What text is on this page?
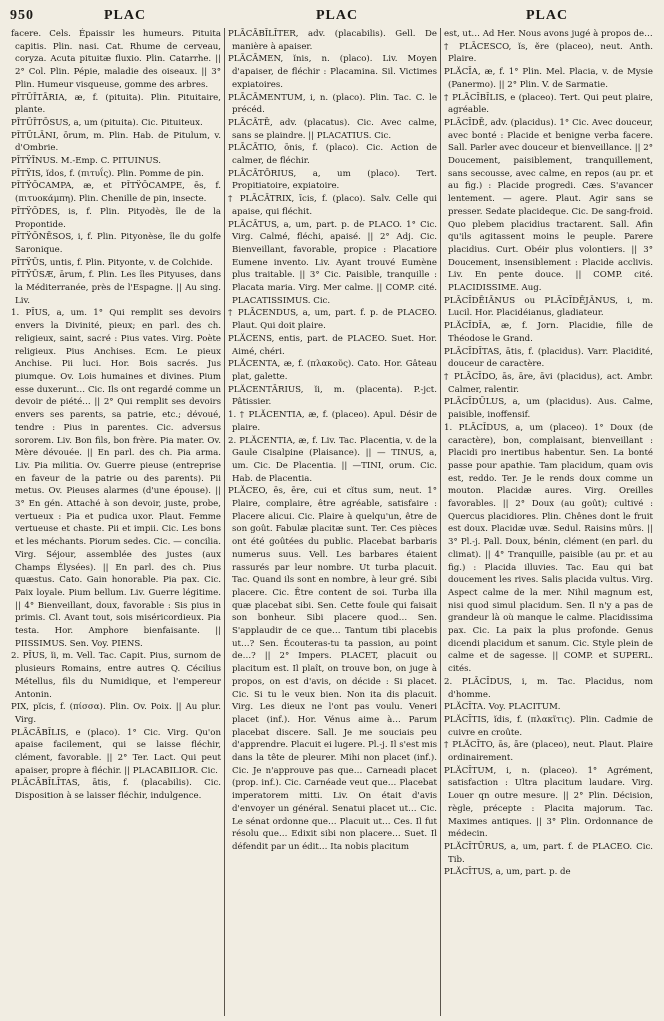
950	PLAC	PLAC	PLAC

facere. Cels. Épaissir les humeurs. Pituita capitis. Plin. nasi. Cat. Rhume de cerveau, coryza. Acuta pituitæ fluxio. Plin. Catarrhe. || 2° Col. Plin. Pépie, maladie des oiseaux. || 3° Plin. Humeur visqueuse, gomme des arbres.

PĪTŬĪTĀRIA, æ, f. (pituita). Plin. Pituitaire, plante.

PĪTŬĪTŌSUS, a, um (pituita). Cic. Pituiteux.

PĬTŬLĀNI, ōrum, m. Plin. Hab. de Pitulum, v. d'Ombrie.

PĬTŸĪNUS. M.-Emp. C. PITUINUS.

PĬTŸIS, ĭdos, f. (πιτυΐς). Plin. Pomme de pin.

PĬTŸŎCAMPA, æ, et PĬTŸŎCAMPE, ēs, f. (πιτυοκάμπη). Plin. Chenille de pin, insecte.

PĬTŸŎDES, is, f. Plin. Pityodès, île de la Propontide.

PĬTŸŎNĒSOS, i, f. Plin. Pityonèse, île du golfe Saronique.

PĬTŸŪS, untis, f. Plin. Pityonte, v. de Colchide.

PĬTŸŪSÆ, ārum, f. Plin. Les îles Pityuses, dans la Méditerranée, près de l'Espagne. || Au sing. Liv.

1. PĬUS, a, um. 1° Qui remplit ses devoirs envers la Divinité, pieux; en parl. des ch. religieux, saint, sacré : Pius vates. Virg. Poète religieux. Pius Anchises. Ecm. Le pieux Anchise. Pii luci. Hor. Bois sacrés. Jus piumque. Ov. Lois humaines et divines. Pium esse duxerunt… Cic. Ils ont regardé comme un devoir de piété… || 2° Qui remplit ses devoirs envers ses parents, sa patrie, etc.; dévoué, tendre : Pius in parentes. Cic. adversus sororem. Liv. Bon fils, bon frère. Pia mater. Ov. Mère dévouée. || En parl. des ch. Pia arma. Liv. Pia militia. Ov. Guerre pieuse (entreprise en faveur de la patrie ou des parents). Pii metus. Ov. Pieuses alarmes (d'une épouse). || 3° En gén. Attaché à son devoir, juste, probe, vertueux : Pia et pudica uxor. Plaut. Femme vertueuse et chaste. Pii et impii. Cic. Les bons et les méchants. Piorum sedes. Cic. — concilia. Virg. Séjour, assemblée des justes (aux Champs Élysées). || En parl. des ch. Pius quæstus. Cato. Gain honorable. Pia pax. Cic. Paix loyale. Pium bellum. Liv. Guerre légitime. || 4° Bienveillant, doux, favorable : Sis pius in primis. Cl. Avant tout, sois miséricordieux. Pia testa. Hor. Amphore bienfaisante. || PIISSIMUS. Sen. Voy. PIENS.

2. PĬUS, ĭi, m. Vell. Tac. Capit. Pius, surnom de plusieurs Romains, entre autres Q. Cécilius Métellus, fils du Numidique, et l'empereur Antonin.

PIX, pĭcis, f. (πίσσα). Plin. Ov. Poix. || Au plur. Virg.

PLĀCĀBĬLIS, e (placo). 1° Cic. Virg. Qu'on apaise facilement, qui se laisse fléchir, clément, favorable. || 2° Ter. Lact. Qui peut apaiser, propre à fléchir. || PLACABILIOR. Cic.

PLĀCĀBĬLĬTAS, ātis, f. (placabilis). Cic. Disposition à se laisser fléchir, indulgence.

PLĀCĀBĬLĬTER, adv. (placabilis). Gell. De manière à apaiser.

PLĀCĀMEN, ĭnis, n. (placo). Liv. Moyen d'apaiser, de fléchir : Placamina. Sil. Victimes expiatoires.

PLĀCĀMENTUM, i, n. (placo). Plin. Tac. C. le précéd.

PLĀCĀTĒ, adv. (placatus). Cic. Avec calme, sans se plaindre. || PLACATIUS. Cic.

PLĀCĀTIO, ōnis, f. (placo). Cic. Action de calmer, de fléchir.

PLĀCĀTŌRIUS, a, um (placo). Tert. Propitiatoire, expiatoire.

† PLĀCĀTRIX, īcis, f. (placo). Salv. Celle qui apaise, qui fléchit.

PLĀCĀTUS, a, um, part. p. de PLACO. 1° Cic. Virg. Calmé, fléchi, apaisé. || 2° Adj. Cic. Bienveillant, favorable, propice : Placatiore Eumene invento. Liv. Ayant trouvé Eumène plus traitable. || 3° Cic. Paisible, tranquille : Placata maria. Virg. Mer calme. || COMP. cité. PLACATISSIMUS. Cic.

† PLĀCENDUS, a, um, part. f. p. de PLACEO. Plaut. Qui doit plaire.

PLĂCENS, entis, part. de PLACEO. Suet. Hor. Aimé, chéri.

PLĂCENTA, æ, f. (πλακοῦς). Cato. Hor. Gâteau plat, galette.

PLĂCENTĀRIUS, ĭi, m. (placenta). P.-jct. Pâtissier.

1. † PLĂCENTIA, æ, f. (placeo). Apul. Désir de plaire.

2. PLĂCENTIA, æ, f. Liv. Tac. Placentia, v. de la Gaule Cisalpine (Plaisance). || — TINUS, a, um. Cic. De Placentia. || —TINI, orum. Cic. Hab. de Placentia.

PLĂCEO, ēs, ēre, cui et cĭtus sum, neut. 1° Plaire, complaire, être agréable, satisfaire : Placere alicui. Cic. Plaire à quelqu'un, être de son goût. Fabulæ placitæ sunt. Ter. Ces pièces ont été goûtées du public. Placebat barbaris numerus suus. Vell. Les barbares étaient rassurés par leur nombre. Ut turba placuit. Tac. Quand ils sont en nombre, à leur gré. Sibi placere. Cic. Être content de soi. Turba illa quæ placebat sibi. Sen. Cette foule qui faisait son bonheur. Sibi placere quod… Sen. S'applaudir de ce que… Tantum tibi placebis ut…? Sen. Écouteras-tu ta passion, au point de…? || 2° Impers. PLACET, placuit ou placitum est. Il plaît, on trouve bon, on juge à propos, on est d'avis, on décide : Si placet. Cic. Si tu le veux bien. Non ita dis placuit. Virg. Les dieux ne l'ont pas voulu. Veneri placet (inf.). Hor. Vénus aime à… Parum placebat discere. Sall. Je me souciais peu d'apprendre. Placuit ei lugere. Pl.-j. Il s'est mis dans la tête de pleurer. Mihi non placet (inf.). Cic. Je n'approuve pas que… Carneadi placet (prop. inf.). Cic. Carnéade veut que… Placebat imperatorem mitti. Liv. On était d'avis d'envoyer un général. Senatui placet ut… Cic. Le sénat ordonne que… Placuit ut… Ces. Il fut résolu que… Edixit sibi non placere… Suet. Il défendit par un édit… Ita nobis placitum

est, ut… Ad Her. Nous avons jugé à propos de…

† PLĀCESCO, ĭs, ĕre (placeo), neut. Anth. Plaire.

PLĂCĬA, æ, f. 1° Plin. Mel. Placia, v. de Mysie (Panermo). || 2° Plin. V. de Sarmatie.

† PLĀCĬBĬLIS, e (placeo). Tert. Qui peut plaire, agréable.

PLĀCĬDĒ, adv. (placidus). 1° Cic. Avec douceur, avec bonté : Placide et benigne verba facere. Sall. Parler avec douceur et bienveillance. || 2° Doucement, paisiblement, tranquillement, sans secousse, avec calme, en repos (au pr. et au fig.) : Placide progredi. Cæs. S'avancer lentement. — agere. Plaut. Agir sans se presser. Sedate placideque. Cic. De sang-froid. Quo plebem placidius tractarent. Sall. Afin qu'ils agitassent moins le peuple. Parere placidius. Curt. Obéir plus volontiers. || 3° Doucement, insensiblement : Placide acclivis. Liv. En pente douce. || COMP. cité. PLACIDISSIME. Aug.

PLĀCĬDĒIĀNUS ou PLĀCĬDĒJĀNUS, i, m. Lucil. Hor. Placidéianus, gladiateur.

PLĂCĬDĬA, æ, f. Jorn. Placidie, fille de Théodose le Grand.

PLĀCĬDĬTAS, ātis, f. (placidus). Varr. Placidité, douceur de caractère.

† PLĀCĬDO, ās, āre, āvi (placidus), act. Ambr. Calmer, ralentir.

PLĀCĬDŬLUS, a, um (placidus). Aus. Calme, paisible, inoffensif.

1. PLĀCĬDUS, a, um (placeo). 1° Doux (de caractère), bon, complaisant, bienveillant : Placidi pro inertibus habentur. Sen. La bonté passe pour apathie. Tam placidum, quam ovis est, reddo. Ter. Je le rends doux comme un mouton. Placidæ aures. Virg. Oreilles favorables. || 2° Doux (au goût); cultivé : Quercus placidiores. Plin. Chênes dont le fruit est doux. Placidæ uvæ. Sedul. Raisins mûrs. || 3° Pl.-j. Pall. Doux, bénin, clément (en parl. du climat). || 4° Tranquille, paisible (au pr. et au fig.) : Placida illuvies. Tac. Eau qui bat doucement les rives. Salis placida vultus. Virg. Aspect calme de la mer. Nihil magnum est, nisi quod simul placidum. Sen. Il n'y a pas de grandeur là où manque le calme. Placidissima pax. Cic. La paix la plus profonde. Genus dicendi placidum et sanum. Cic. Style plein de calme et de sagesse. || COMP. et SUPERL. cités.

2. PLĀCĬDUS, i, m. Tac. Placidus, nom d'homme.

PLĂCĬTA. Voy. PLACITUM.

PLĂCĬTIS, ĭdis, f. (πλακῖτις). Plin. Cadmie de cuivre en croûte.

† PLĂCĬTO, ās, āre (placeo), neut. Plaut. Plaire ordinairement.

PLĂCĬTUM, i, n. (placeo). 1° Agrément, satisfaction : Ultra placitum laudare. Virg. Louer qn outre mesure. || 2° Plin. Décision, règle, précepte : Placita majorum. Tac. Maximes antiques. || 3° Plin. Ordonnance de médecin.

PLĂCĬTŪRUS, a, um, part. f. de PLACEO. Cic. Tib.

PLĂCĬTUS, a, um, part. p. de
